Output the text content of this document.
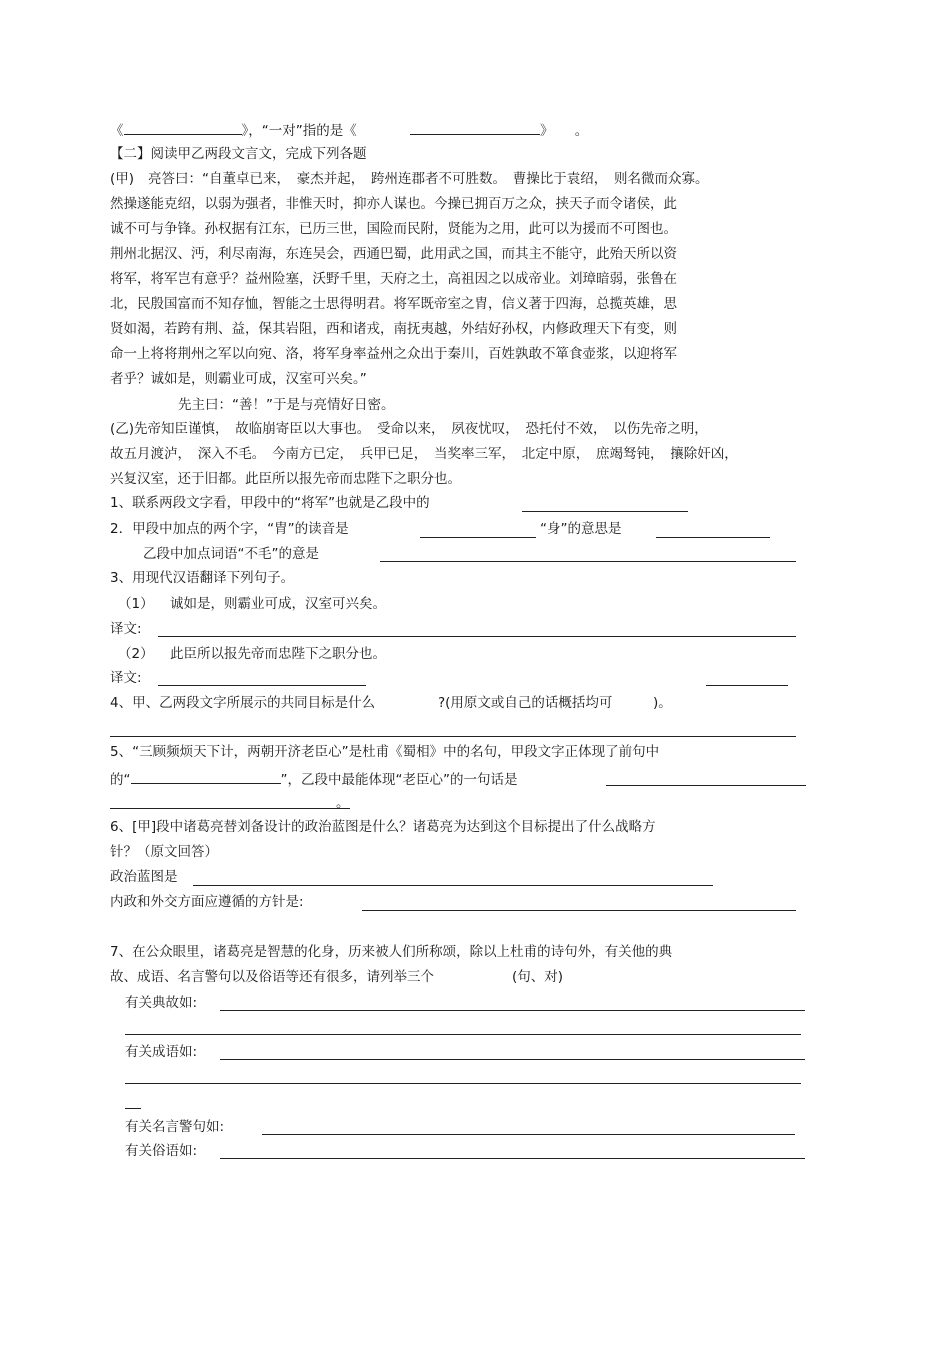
《	》，“一对”指的是《	》 。
【二】阅读甲乙两段文言文，完成下列各题
(甲) 亮答曰：“自董卓已来，　豪杰并起，　跨州连郡者不可胜数。　曹操比于袁绍，　则名微而众寡。
然操遂能克绍，以弱为强者，非惟天时，抑亦人谋也。今操已拥百万之众，挟天子而令诸侯，此
诚不可与争锋。孙权据有江东，已历三世，国险而民附，贤能为之用，此可以为援而不可图也。
荆州北据汉、沔，利尽南海，东连吴会，西通巴蜀，此用武之国，而其主不能守，此殆天所以资
将军，将军岂有意乎？益州险塞，沃野千里，天府之土，高祖因之以成帝业。刘璋暗弱，张鲁在
北，民殷国富而不知存恤，智能之士思得明君。将军既帝室之胄，信义著于四海，总揽英雄，思
贤如渴，若跨有荆、益，保其岩阻，西和诸戎，南抚夷越，外结好孙权，内修政理天下有变，则
命一上将将荆州之军以向宛、洛，将军身率益州之众出于秦川，百姓孰敢不箪食壶浆，以迎将军
者乎？诚如是，则霸业可成，汉室可兴矣。”
先主曰：“善！”于是与亮情好日密。
(乙)先帝知臣谨慎，　故临崩寄臣以大事也。　受命以来，　夙夜忧叹，　恐托付不效，　以伤先帝之明，
故五月渡泸，　深入不毛。　今南方已定，　兵甲已足，　当奖率三军，　北定中原，　庶竭驽钝，　攘除奸凶，
兴复汉室，还于旧都。此臣所以报先帝而忠陛下之职分也。
1、联系两段文字看，甲段中的“将军”也就是乙段中的
2．甲段中加点的两个字，“胄”的读音是	“身”的意思是
乙段中加点词语“不毛”的意是
3、用现代汉语翻译下列句子。
（1） 诚如是，则霸业可成，汉室可兴矣。
译文:
（2） 此臣所以报先帝而忠陛下之职分也。
译文:
4、甲、乙两段文字所展示的共同目标是什么	?(用原文或自己的话概括均可	)。
5、“三顾频烦天下计，两朝开济老臣心”是杜甫《蜀相》中的名句，甲段文字正体现了前句中
的“	”，乙段中最能体现“老臣心”的一句话是
。
6、[甲]段中诸葛亮替刘备设计的政治蓝图是什么？诸葛亮为达到这个目标提出了什么战略方
针？（原文回答）
政治蓝图是
内政和外交方面应遵循的方针是:
7、在公众眼里，诸葛亮是智慧的化身，历来被人们所称颂，除以上杜甫的诗句外，有关他的典
故、成语、名言警句以及俗语等还有很多，请列举三个	(句、对)
有关典故如:
有关成语如:
有关名言警句如:
有关俗语如:
